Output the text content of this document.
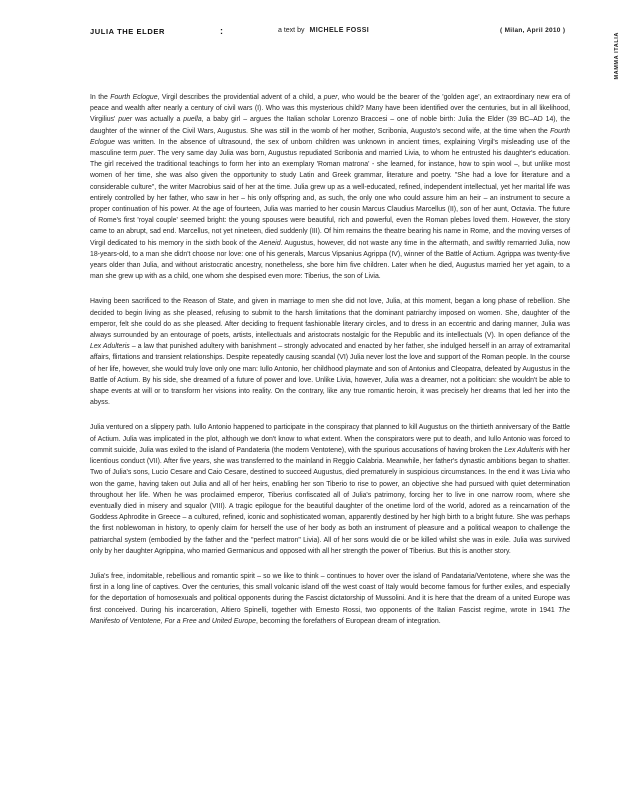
JULIA THE ELDER	:	a text by MICHELE FOSSI	( Milan, April 2010 )
MAMMA ITALIA

In the Fourth Eclogue, Virgil describes the providential advent of a child, a puer, who would be the bearer of the 'golden age', an extraordinary new era of peace and wealth after nearly a century of civil wars (I). Who was this mysterious child? Many have been identified over the centuries, but in all likelihood, Virgilius' puer was actually a puella, a baby girl – argues the Italian scholar Lorenzo Braccesi – one of noble birth: Julia the Elder (39 BC–AD 14), the daughter of the winner of the Civil Wars, Augustus. She was still in the womb of her mother, Scribonia, Augusto's second wife, at the time when the Fourth Eclogue was written. In the absence of ultrasound, the sex of unborn children was unknown in ancient times, explaining Virgil's misleading use of the masculine term puer. The very same day Julia was born, Augustus repudiated Scribonia and married Livia, to whom he entrusted his daughter's education. The girl received the traditional teachings to form her into an exemplary 'Roman matrona' - she learned, for instance, how to spin wool –, but unlike most women of her time, she was also given the opportunity to study Latin and Greek grammar, literature and poetry. "She had a love for literature and a considerable culture", the writer Macrobius said of her at the time. Julia grew up as a well-educated, refined, independent intellectual, yet her marital life was entirely controlled by her father, who saw in her – his only offspring and, as such, the only one who could assure him an heir – an instrument to secure a proper continuation of his power. At the age of fourteen, Julia was married to her cousin Marcus Claudius Marcellus (II), son of her aunt, Octavia. The future of Rome's first 'royal couple' seemed bright: the young spouses were beautiful, rich and powerful, even the Roman plebes loved them. However, the story came to an abrupt, sad end. Marcellus, not yet nineteen, died suddenly (III). Of him remains the theatre bearing his name in Rome, and the moving verses of Virgil dedicated to his memory in the sixth book of the Aeneid. Augustus, however, did not waste any time in the aftermath, and swiftly remarried Julia, now 18-years-old, to a man she didn't choose nor love: one of his generals, Marcus Vipsanius Agrippa (IV), winner of the Battle of Actium. Agrippa was twenty-five years older than Julia, and without aristocratic ancestry, nonetheless, she bore him five children. Later when he died, Augustus married her yet again, to a man she grew up with as a child, one whom she despised even more: Tiberius, the son of Livia.

Having been sacrificed to the Reason of State, and given in marriage to men she did not love, Julia, at this moment, began a long phase of rebellion. She decided to begin living as she pleased, refusing to submit to the harsh limitations that the dominant patriarchy imposed on women. She, daughter of the emperor, felt she could do as she pleased. After deciding to frequent fashionable literary circles, and to dress in an eccentric and daring manner, Julia was always surrounded by an entourage of poets, artists, intellectuals and aristocrats nostalgic for the Republic and its intellectuals (V). In open defiance of the Lex Adulteris – a law that punished adultery with banishment – strongly advocated and enacted by her father, she indulged herself in an array of extramarital affairs, flirtations and transient relationships. Despite repeatedly causing scandal (VI) Julia never lost the love and support of the Roman people. In the course of her life, however, she would truly love only one man: Iullo Antonio, her childhood playmate and son of Antonius and Cleopatra, defeated by Augustus in the Battle of Actium. By his side, she dreamed of a future of power and love. Unlike Livia, however, Julia was a dreamer, not a politician: she wouldn't be able to shape events at will or to transform her visions into reality. On the contrary, like any true romantic heroin, it was precisely her dreams that led her into the abyss.

Julia ventured on a slippery path. Iullo Antonio happened to participate in the conspiracy that planned to kill Augustus on the thirtieth anniversary of the Battle of Actium. Julia was implicated in the plot, although we don't know to what extent. When the conspirators were put to death, and Iullo Antonio was forced to commit suicide, Julia was exiled to the island of Pandateria (the modern Ventotene), with the spurious accusations of having broken the Lex Adulteris with her licentious conduct (VII). After five years, she was transferred to the mainland in Reggio Calabria. Meanwhile, her father's dynastic ambitions began to shatter. Two of Julia's sons, Lucio Cesare and Caio Cesare, destined to succeed Augustus, died prematurely in suspicious circumstances. In the end it was Livia who won the game, having taken out Julia and all of her heirs, enabling her son Tiberio to rise to power, an objective she had pursued with quiet determination throughout her life. When he was proclaimed emperor, Tiberius confiscated all of Julia's patrimony, forcing her to live in one narrow room, where she eventually died in misery and squalor (VIII). A tragic epilogue for the beautiful daughter of the onetime lord of the world, adored as a reincarnation of the Goddess Aphrodite in Greece – a cultured, refined, iconic and sophisticated woman, apparently destined by her high birth to a bright future. She was perhaps the first noblewoman in history, to openly claim for herself the use of her body as both an instrument of pleasure and a political weapon to challenge the patriarchal system (embodied by the father and the "perfect matron" Livia). All of her sons would die or be killed whilst she was in exile. Julia was survived only by her daughter Agrippina, who married Germanicus and opposed with all her strength the power of Tiberius. But this is another story.

Julia's free, indomitable, rebellious and romantic spirit – so we like to think – continues to hover over the island of Pandataria/Ventotene, where she was the first in a long line of captives. Over the centuries, this small volcanic island off the west coast of Italy would become famous for further exiles, and especially for the deportation of homosexuals and political opponents during the Fascist dictatorship of Mussolini. And it is here that the dream of a united Europe was first conceived. During his incarceration, Altiero Spinelli, together with Ernesto Rossi, two opponents of the Italian Fascist regime, wrote in 1941 The Manifesto of Ventotene, For a Free and United Europe, becoming the forefathers of European dream of integration.
